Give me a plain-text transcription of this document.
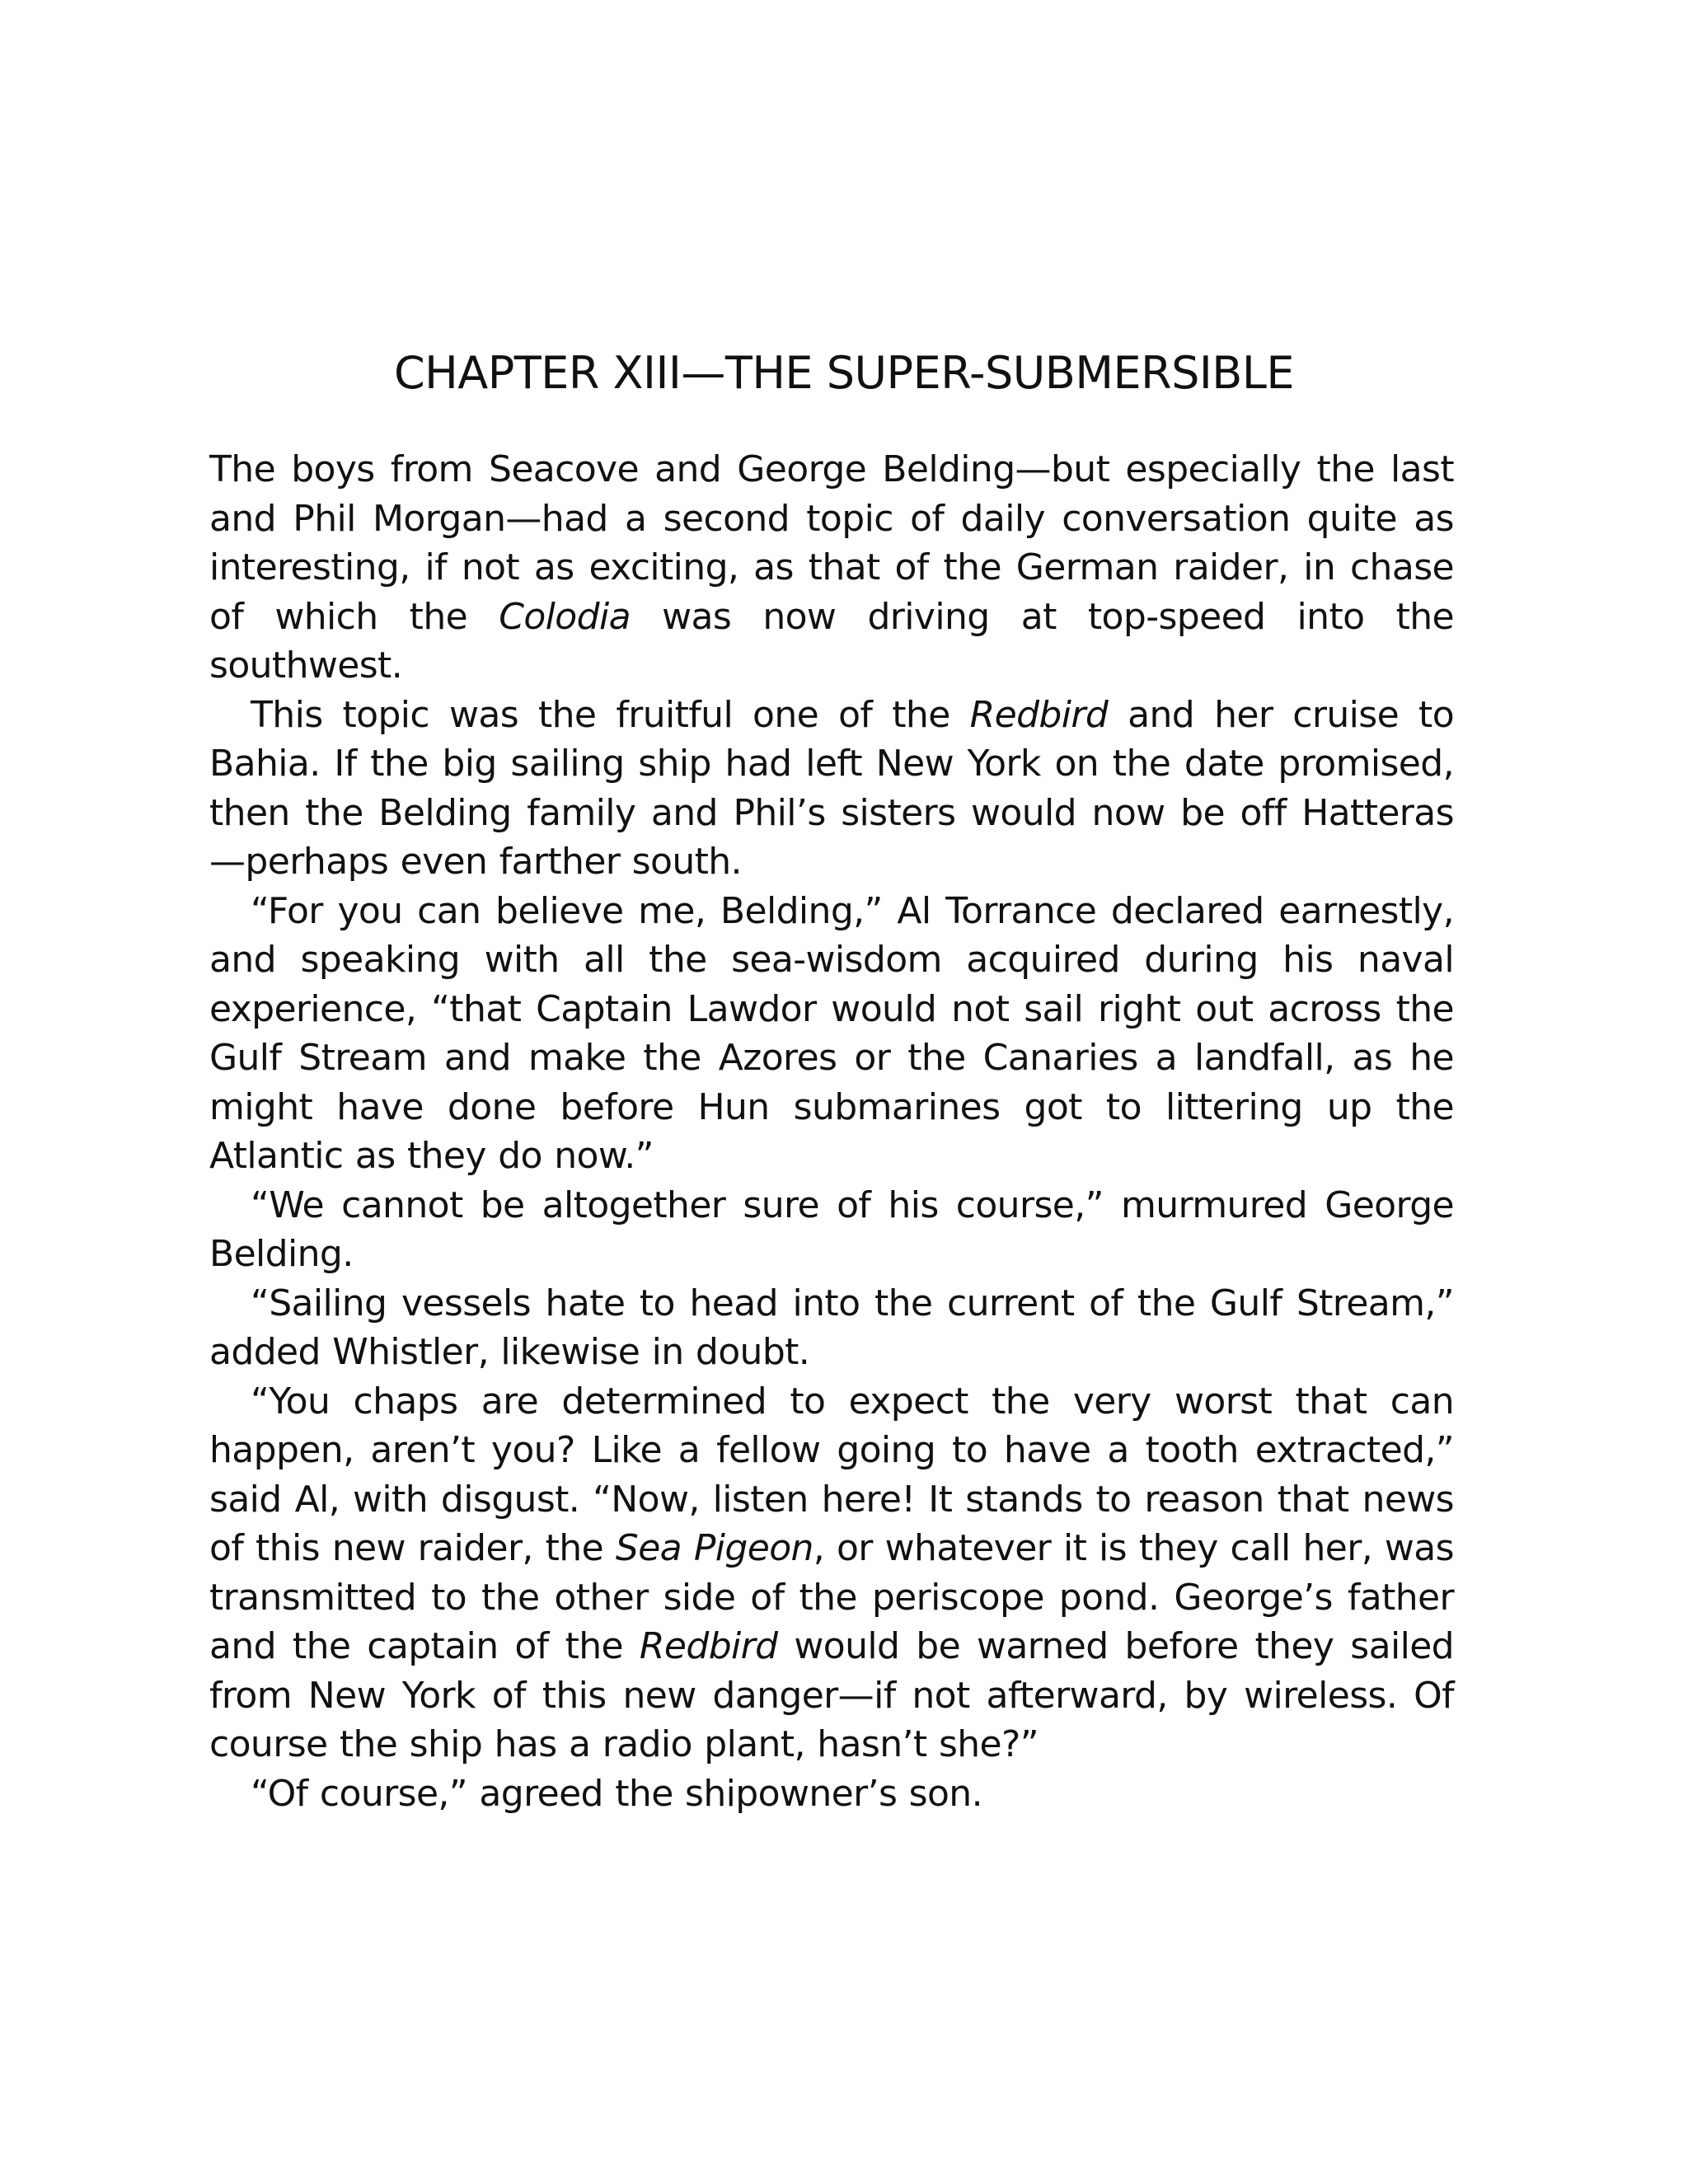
CHAPTER XIII—THE SUPER-SUBMERSIBLE

The boys from Seacove and George Belding—but especially the last and Phil Morgan—had a second topic of daily conversation quite as interesting, if not as exciting, as that of the German raider, in chase of which the Colodia was now driving at top-speed into the southwest.

This topic was the fruitful one of the Redbird and her cruise to Bahia. If the big sailing ship had left New York on the date promised, then the Belding family and Phil’s sisters would now be off Hatteras —perhaps even farther south.

“For you can believe me, Belding,” Al Torrance declared earnestly, and speaking with all the sea-wisdom acquired during his naval experience, “that Captain Lawdor would not sail right out across the Gulf Stream and make the Azores or the Canaries a landfall, as he might have done before Hun submarines got to littering up the Atlantic as they do now.”

“We cannot be altogether sure of his course,” murmured George Belding.

“Sailing vessels hate to head into the current of the Gulf Stream,” added Whistler, likewise in doubt.

“You chaps are determined to expect the very worst that can happen, aren’t you? Like a fellow going to have a tooth extracted,” said Al, with disgust. “Now, listen here! It stands to reason that news of this new raider, the Sea Pigeon, or whatever it is they call her, was transmitted to the other side of the periscope pond. George’s father and the captain of the Redbird would be warned before they sailed from New York of this new danger—if not afterward, by wireless. Of course the ship has a radio plant, hasn’t she?”

“Of course,” agreed the shipowner’s son.
